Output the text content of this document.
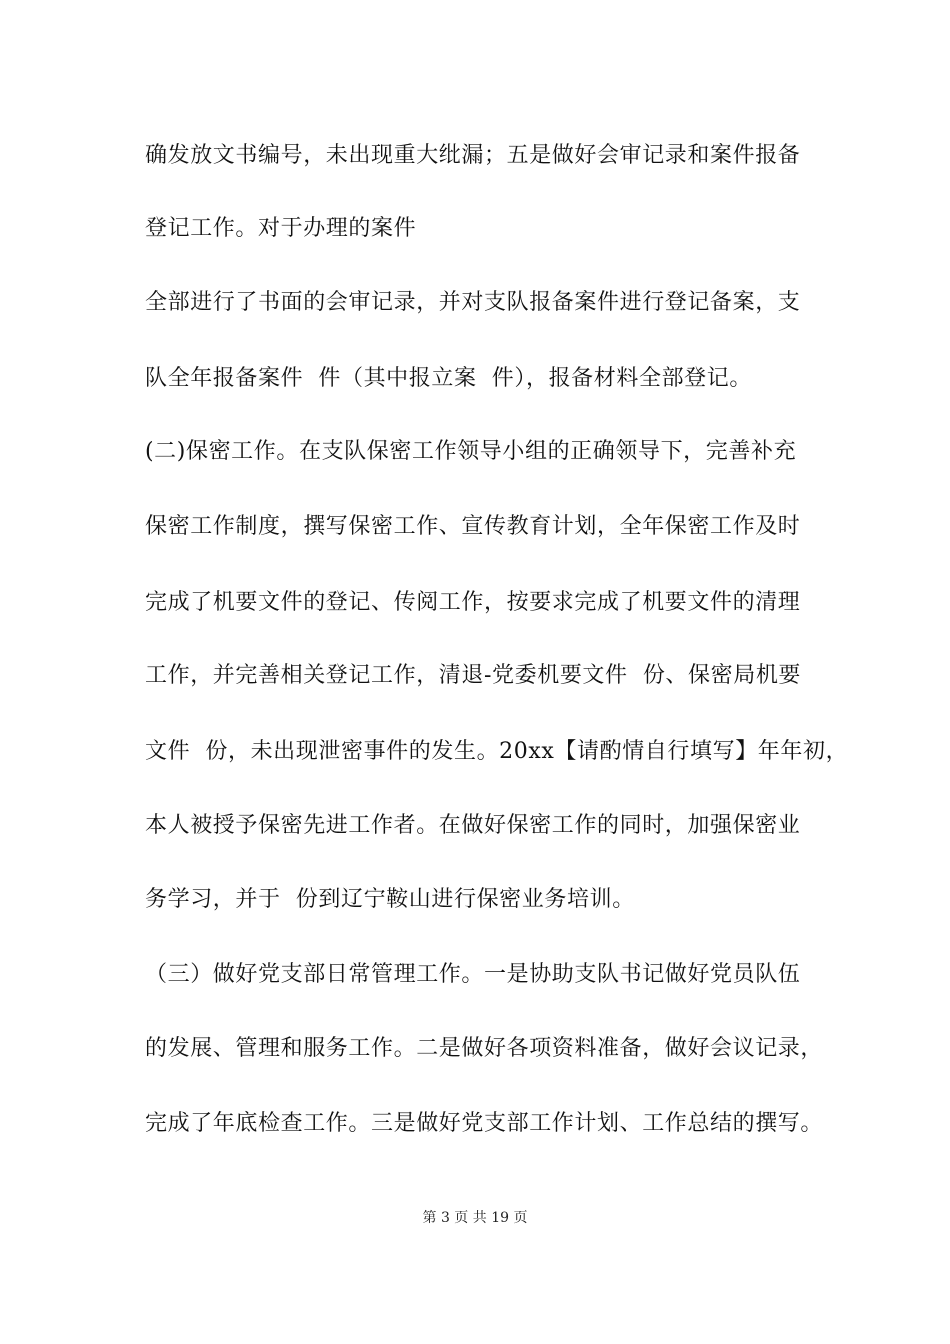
确发放文书编号，未出现重大纰漏；五是做好会审记录和案件报备
登记工作。对于办理的案件
全部进行了书面的会审记录，并对支队报备案件进行登记备案，支
队全年报备案件  件（其中报立案  件），报备材料全部登记。
(二)保密工作。在支队保密工作领导小组的正确领导下，完善补充
保密工作制度，撰写保密工作、宣传教育计划，全年保密工作及时
完成了机要文件的登记、传阅工作，按要求完成了机要文件的清理
工作，并完善相关登记工作，清退-党委机要文件  份、保密局机要
文件  份，未出现泄密事件的发生。20xx【请酌情自行填写】年年初，
本人被授予保密先进工作者。在做好保密工作的同时，加强保密业
务学习，并于  份到辽宁鞍山进行保密业务培训。
（三）做好党支部日常管理工作。一是协助支队书记做好党员队伍
的发展、管理和服务工作。二是做好各项资料准备，做好会议记录，
完成了年底检查工作。三是做好党支部工作计划、工作总结的撰写。
第 3 页 共 19 页
